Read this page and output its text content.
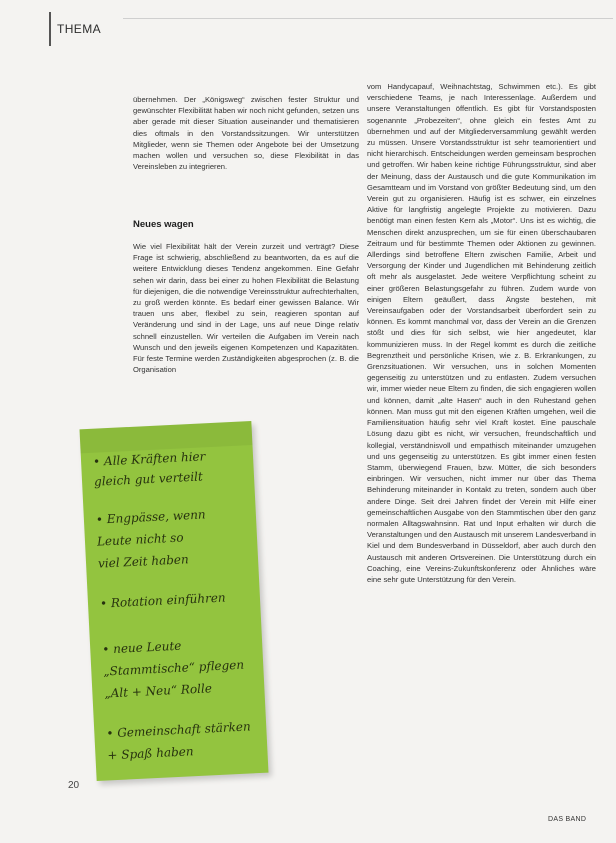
THEMA

übernehmen. Der „Königsweg“ zwischen fester Struktur und gewünschter Flexibilität haben wir noch nicht gefunden, setzen uns aber gerade mit dieser Situation auseinander und thematisieren dies oftmals in den Vorstandssitzungen. Wir unterstützen Mitglieder, wenn sie Themen oder Angebote bei der Umsetzung machen wollen und versuchen so, diese Flexibilität in das Vereinsleben zu integrieren.

Neues wagen

Wie viel Flexibilität hält der Verein zurzeit und verträgt? Diese Frage ist schwierig, abschließend zu beantworten, da es auf die weitere Entwicklung dieses Tendenz angekommen. Eine Gefahr sehen wir darin, dass bei einer zu hohen Flexibilität die Belastung für diejenigen, die die notwendige Vereinsstruktur aufrechterhalten, zu groß werden könnte. Es bedarf einer gewissen Balance. Wir trauen uns aber, flexibel zu sein, reagieren spontan auf Veränderung und sind in der Lage, uns auf neue Dinge relativ schnell einzustellen. Wir verteilen die Aufgaben im Verein nach Wunsch und den jeweils eigenen Kompetenzen und Kapazitäten. Für feste Termine werden Zuständigkeiten abgesprochen (z. B. die Organisation

vom Handycapauf, Weihnachtstag, Schwimmen etc.). Es gibt verschiedene Teams, je nach Interessenlage. Außerdem und unsere Veranstaltungen öffentlich. Es gibt für Vorstandsposten sogenannte „Probezeiten“, ohne gleich ein festes Amt zu übernehmen und auf der Mitgliederversammlung gewählt werden zu müssen. Unsere Vorstandsstruktur ist sehr teamorientiert und nicht hierarchisch. Entscheidungen werden gemeinsam besprochen und getroffen. Wir haben keine richtige Führungsstruktur, sind aber der Meinung, dass der Austausch und die gute Kommunikation im Gesamtteam und im Vorstand von größter Bedeutung sind, um den Verein gut zu organisieren. Häufig ist es schwer, ein einzelnes Aktive für langfristig angelegte Projekte zu motivieren. Dazu benötigt man einen festen Kern als „Motor“. Uns ist es wichtig, die Menschen direkt anzusprechen, um sie für einen überschaubaren Zeitraum und für bestimmte Themen oder Aktionen zu gewinnen. Allerdings sind betroffene Eltern zwischen Familie, Arbeit und Versorgung der Kinder und Jugendlichen mit Behinderung zeitlich oft mehr als ausgelastet. Jede weitere Verpflichtung scheint zu einer größeren Belastungsgefahr zu führen. Zudem wurde von einigen Eltern geäußert, dass Ängste bestehen, mit Vereinsaufgaben oder der Vorstandsarbeit überfordert sein zu können. Es kommt manchmal vor, dass der Verein an die Grenzen stößt und dies für sich selbst, wie hier angedeutet, klar kommunizieren muss. In der Regel kommt es durch die zeitliche Begrenztheit und persönliche Krisen, wie z. B. Erkrankungen, zu Grenzsituationen. Wir versuchen, uns in solchen Momenten gegenseitig zu unterstützen und zu entlasten. Zudem versuchen wir, immer wieder neue Eltern zu finden, die sich engagieren wollen und können, damit „alte Hasen“ auch in den Ruhestand gehen können. Man muss gut mit den eigenen Kräften umgehen, weil die Familiensituation häufig sehr viel Kraft kostet. Eine pauschale Lösung dazu gibt es nicht, wir versuchen, freundschaftlich und kollegial, verständnisvoll und empathisch miteinander umzugehen und uns gegenseitig zu unterstützen. Es gibt immer einen festen Stamm, überwiegend Frauen, bzw. Mütter, die sich besonders einbringen. Wir versuchen, nicht immer nur über das Thema Behinderung miteinander in Kontakt zu treten, sondern auch über andere Dinge. Seit drei Jahren findet der Verein mit Hilfe einer gemeinschaftlichen Ausgabe von den Stammtischen über den ganz normalen Alltagswahnsinn. Rat und Input erhalten wir durch die Veranstaltungen und den Austausch mit unserem Landesverband in Kiel und dem Bundesverband in Düsseldorf, aber auch durch den Austausch mit anderen Ortsvereinen. Die Unterstützung durch ein Coaching, eine Vereins-Zukunftskonferenz oder Ähnliches wäre eine sehr gute Unterstützung für den Verein.

• Alle Kräften hier
gleich gut verteilt
• Engpässe, wenn
Leute nicht so
viel Zeit haben
• Rotation einführen
• neue Leute
„Stammtische“ pflegen
„Alt + Neu“ Rolle
• Gemeinschaft stärken
+ Spaß haben
20
DAS BAND
